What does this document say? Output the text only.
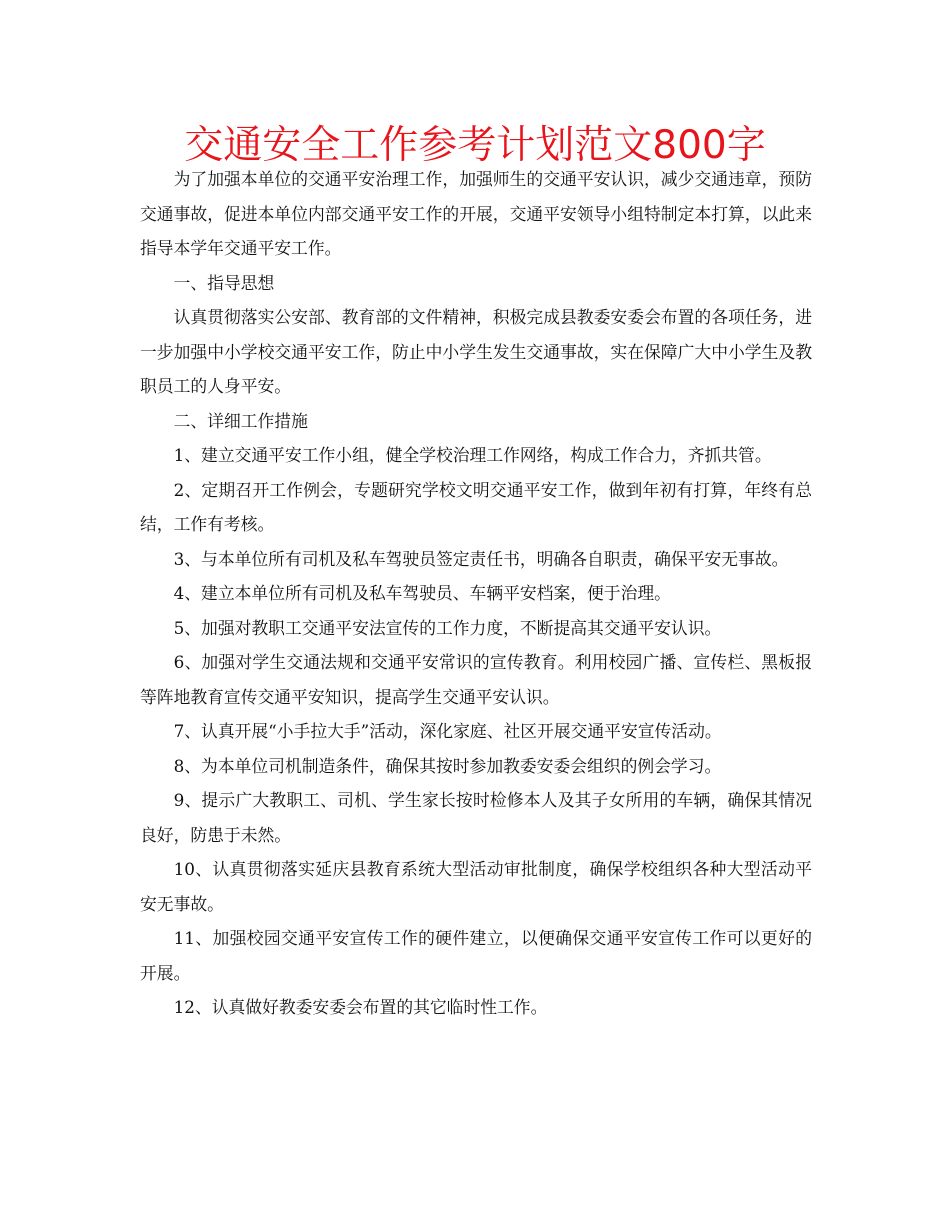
交通安全工作参考计划范文800字

为了加强本单位的交通平安治理工作，加强师生的交通平安认识，减少交通违章，预防交通事故，促进本单位内部交通平安工作的开展，交通平安领导小组特制定本打算，以此来指导本学年交通平安工作。

一、指导思想

认真贯彻落实公安部、教育部的文件精神，积极完成县教委安委会布置的各项任务，进一步加强中小学校交通平安工作，防止中小学生发生交通事故，实在保障广大中小学生及教职员工的人身平安。

二、详细工作措施

1、建立交通平安工作小组，健全学校治理工作网络，构成工作合力，齐抓共管。

2、定期召开工作例会，专题研究学校文明交通平安工作，做到年初有打算，年终有总结，工作有考核。

3、与本单位所有司机及私车驾驶员签定责任书，明确各自职责，确保平安无事故。

4、建立本单位所有司机及私车驾驶员、车辆平安档案，便于治理。

5、加强对教职工交通平安法宣传的工作力度，不断提高其交通平安认识。

6、加强对学生交通法规和交通平安常识的宣传教育。利用校园广播、宣传栏、黑板报等阵地教育宣传交通平安知识，提高学生交通平安认识。

7、认真开展“小手拉大手”活动，深化家庭、社区开展交通平安宣传活动。

8、为本单位司机制造条件，确保其按时参加教委安委会组织的例会学习。

9、提示广大教职工、司机、学生家长按时检修本人及其子女所用的车辆，确保其情况良好，防患于未然。

10、认真贯彻落实延庆县教育系统大型活动审批制度，确保学校组织各种大型活动平安无事故。

11、加强校园交通平安宣传工作的硬件建立，以便确保交通平安宣传工作可以更好的开展。

12、认真做好教委安委会布置的其它临时性工作。
